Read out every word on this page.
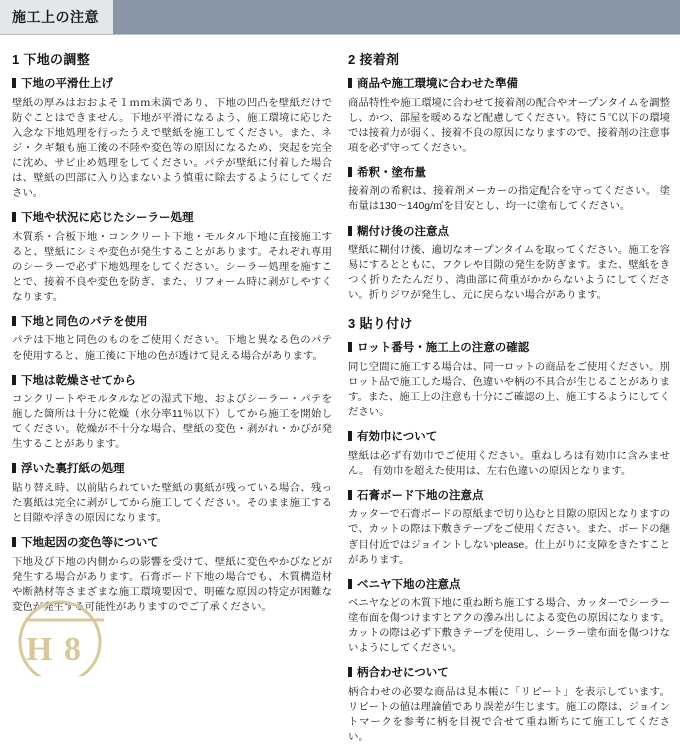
施工上の注意
1 下地の調整
下地の平滑仕上げ

壁紙の厚みはおおよそ１ｍｍ未満であり、下地の凹凸を壁紙だけで防ぐことはできません。下地が平滑になるよう、施工環境に応じた入念な下地処理を行ったうえで壁紙を施工してください。また、ネジ・クギ類も施工後の不陸や変色等の原因になるため、突起を完全に沈め、サビ止め処理をしてください。パテが壁紙に付着した場合は、壁紙の凹部に入り込まないよう慎重に除去するようにしてください。

下地や状況に応じたシーラー処理

木質系・合板下地・コンクリート下地・モルタル下地に直接施工すると、壁紙にシミや変色が発生することがあります。それぞれ専用のシーラーで必ず下地処理をしてください。シーラー処理を施すことで、接着不良や変色を防ぎ、また、リフォーム時に剥がしやすくなります。

下地と同色のパテを使用

パテは下地と同色のものをご使用ください。下地と異なる色のパテを使用すると、施工後に下地の色が透けて見える場合があります。

下地は乾燥させてから

コンクリートやモルタルなどの湿式下地、およびシーラー・パテを施した箇所は十分に乾燥（水分率11％以下）してから施工を開始してください。乾燥が不十分な場合、壁紙の変色・剥がれ・かびが発生することがあります。

浮いた裏打紙の処理

貼り替え時、以前貼られていた壁紙の裏紙が残っている場合、残った裏紙は完全に剥がしてから施工してください。そのまま施工すると目隙や浮きの原因になります。

下地起因の変色等について

下地及び下地の内側からの影響を受けて、壁紙に変色やかびなどが発生する場合があります。石膏ボード下地の場合でも、木質構造材や断熱材等さまざまな施工環境要因で、明確な原因の特定が困難な変色が発生する可能性がありますのでご了承ください。

2 接着剤
商品や施工環境に合わせた準備

商品特性や施工環境に合わせて接着剤の配合やオープンタイムを調整し、かつ、部屋を暖めるなど配慮してください。特に５℃以下の環境では接着力が弱く、接着不良の原因になりますので、接着剤の注意事項を必ず守ってください。

希釈・塗布量

接着剤の希釈は、接着剤メーカーの指定配合を守ってください。 塗布量は130〜140g/㎡を目安とし、均一に塗布してください。

糊付け後の注意点

壁紙に糊付け後、適切なオープンタイムを取ってください。施工を容易にするとともに、フクレや目隙の発生を防ぎます。また、壁紙をきつく折りたたんだり、湾曲部に荷重がかからないようにしてください。折りジワが発生し、元に戻らない場合があります。

3 貼り付け
ロット番号・施工上の注意の確認

同じ空間に施工する場合は、同一ロットの商品をご使用ください。別ロット品で施工した場合、色違いや柄の不具合が生じることがあります。また、施工上の注意も十分にご確認の上、施工するようにしてください。

有効巾について

壁紙は必ず有効巾でご使用ください。重ねしろは有効巾に含みません。 有効巾を超えた使用は、左右色違いの原因となります。

石膏ボード下地の注意点

カッターで石膏ボードの原紙まで切り込むと目隙の原因となりますので、カットの際は下敷きテープをご使用ください。また、ボードの継ぎ目付近ではジョイントしないplease。仕上がりに支障をきたすことがあります。

ベニヤ下地の注意点

ベニヤなどの木質下地に重ね断ち施工する場合、カッターでシーラー塗布面を傷つけますとアクの滲み出しによる変色の原因になります。カットの際は必ず下敷きテープを使用し、シーラー塗布面を傷つけないようにしてください。

柄合わせについて

柄合わせの必要な商品は見本帳に「リピート」を表示しています。 リピートの値は理論値であり誤差が生じます。施工の際は、ジョイントマークを参考に柄を目視で合せて重ね断ちにて施工してください。

H 8
